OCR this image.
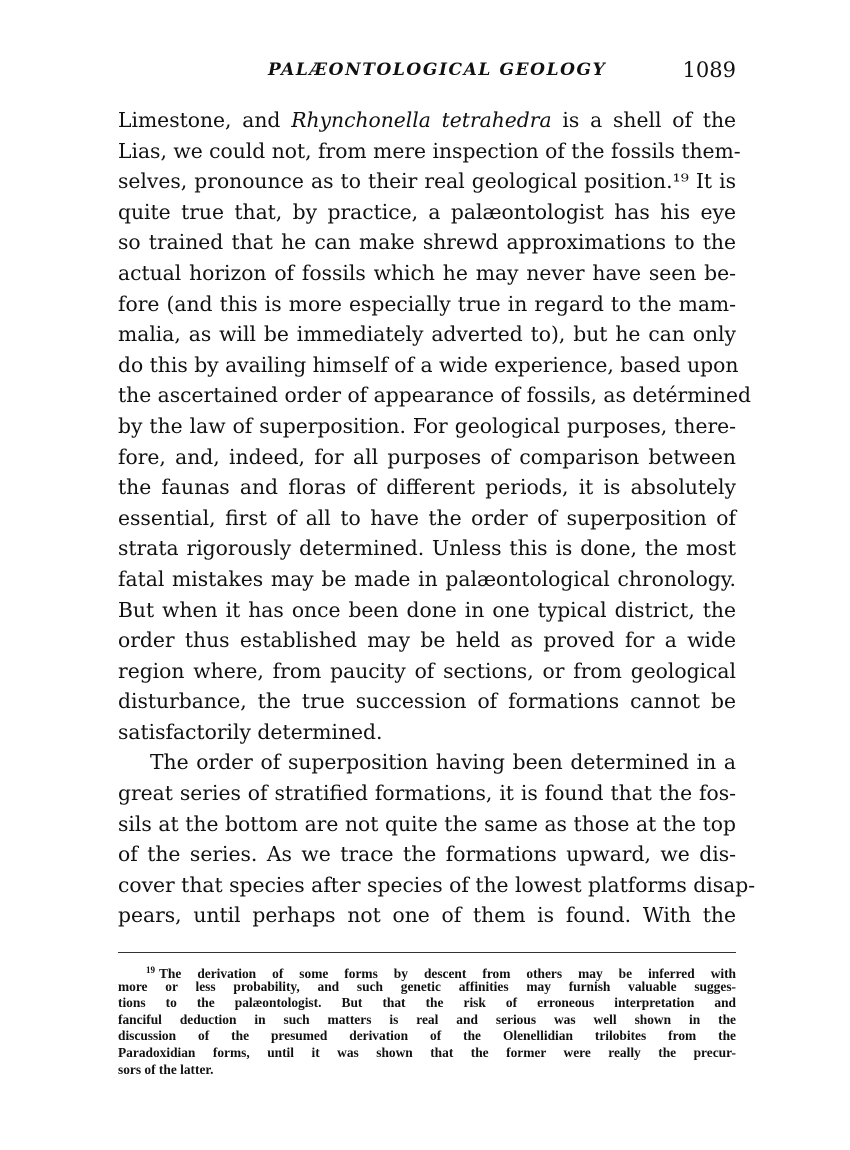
PALÆONTOLOGICAL GEOLOGY	1089
Limestone, and Rhynchonella tetrahedra is a shell of the
Lias, we could not, from mere inspection of the fossils them-
selves, pronounce as to their real geological position.¹⁹ It is
quite true that, by practice, a palæontologist has his eye
so trained that he can make shrewd approximations to the
actual horizon of fossils which he may never have seen be-
fore (and this is more especially true in regard to the mam-
malia, as will be immediately adverted to), but he can only
do this by availing himself of a wide experience, based upon
the ascertained order of appearance of fossils, as detérmined
by the law of superposition. For geological purposes, there-
fore, and, indeed, for all purposes of comparison between
the faunas and floras of different periods, it is absolutely
essential, first of all to have the order of superposition of
strata rigorously determined. Unless this is done, the most
fatal mistakes may be made in palæontological chronology.
But when it has once been done in one typical district, the
order thus established may be held as proved for a wide
region where, from paucity of sections, or from geological
disturbance, the true succession of formations cannot be
satisfactorily determined.
The order of superposition having been determined in a
great series of stratified formations, it is found that the fos-
sils at the bottom are not quite the same as those at the top
of the series. As we trace the formations upward, we dis-
cover that species after species of the lowest platforms disap-
pears, until perhaps not one of them is found. With the
$^{19}$ The derivation of some forms by descent from others may be inferred with
more or less probability, and such genetic affinities may furnish valuable sugges-
tions to the palæontologist. But that the risk of erroneous interpretation and
fanciful deduction in such matters is real and serious was well shown in the
discussion of the presumed derivation of the Olenellidian trilobites from the
Paradoxidian forms, until it was shown that the former were really the precur-
sors of the latter.
